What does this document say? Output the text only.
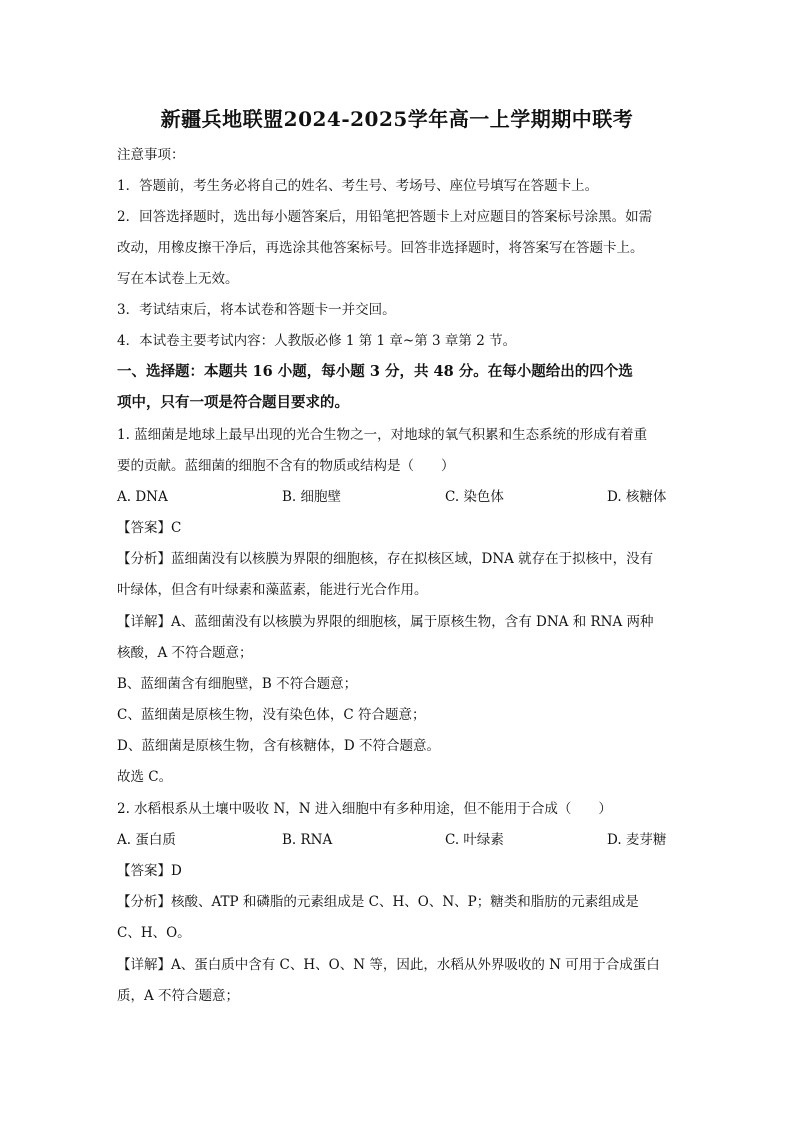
新疆兵地联盟2024-2025学年高一上学期期中联考
注意事项：
1．答题前，考生务必将自己的姓名、考生号、考场号、座位号填写在答题卡上。
2．回答选择题时，选出每小题答案后，用铅笔把答题卡上对应题目的答案标号涂黑。如需
改动，用橡皮擦干净后，再选涂其他答案标号。回答非选择题时，将答案写在答题卡上。
写在本试卷上无效。
3．考试结束后，将本试卷和答题卡一并交回。
4．本试卷主要考试内容：人教版必修 1 第 1 章~第 3 章第 2 节。
一、选择题：本题共 16 小题，每小题 3 分，共 48 分。在每小题给出的四个选
项中，只有一项是符合题目要求的。
1. 蓝细菌是地球上最早出现的光合生物之一，对地球的氧气积累和生态系统的形成有着重
要的贡献。蓝细菌的细胞不含有的物质或结构是（　　）
A. DNA	B. 细胞壁	C. 染色体	D. 核糖体
【答案】C
【分析】蓝细菌没有以核膜为界限的细胞核，存在拟核区域，DNA 就存在于拟核中，没有
叶绿体，但含有叶绿素和藻蓝素，能进行光合作用。
【详解】A、蓝细菌没有以核膜为界限的细胞核，属于原核生物，含有 DNA 和 RNA 两种
核酸，A 不符合题意；
B、蓝细菌含有细胞壁，B 不符合题意；
C、蓝细菌是原核生物，没有染色体，C 符合题意；
D、蓝细菌是原核生物，含有核糖体，D 不符合题意。
故选 C。
2. 水稻根系从土壤中吸收 N，N 进入细胞中有多种用途，但不能用于合成（　　）
A. 蛋白质	B. RNA	C. 叶绿素	D. 麦芽糖
【答案】D
【分析】核酸、ATP 和磷脂的元素组成是 C、H、O、N、P；糖类和脂肪的元素组成是
C、H、O。
【详解】A、蛋白质中含有 C、H、O、N 等，因此，水稻从外界吸收的 N 可用于合成蛋白
质，A 不符合题意；
